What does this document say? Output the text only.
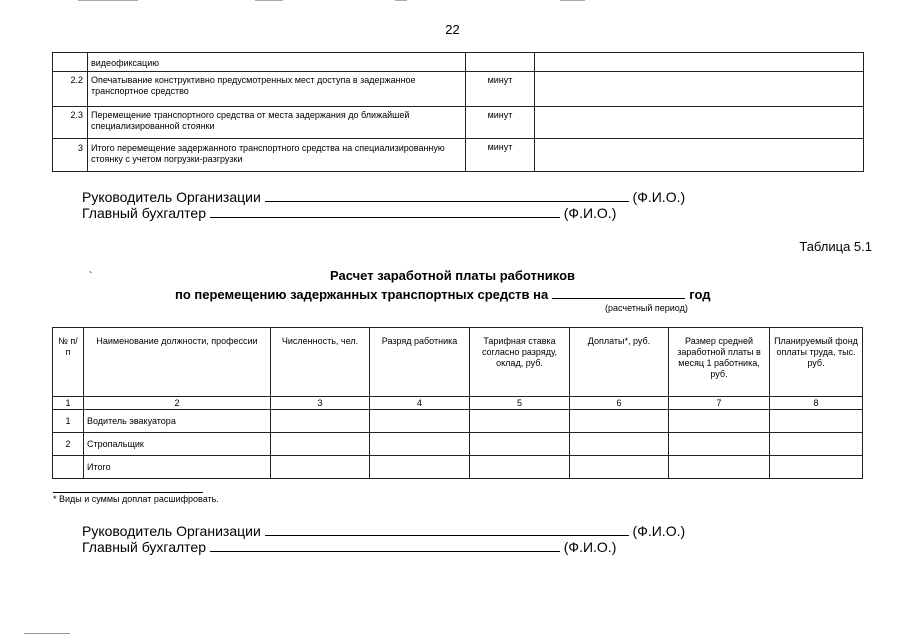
22
	видеофиксацию		
2.2	Опечатывание конструктивно предусмотренных мест доступа в задержанное транспортное средство	минут	
2.3	Перемещение транспортного средства от места задержания до ближайшей специализированной стоянки	минут	
3	Итого перемещение задержанного транспортного средства на специализированную стоянку с учетом погрузки-разгрузки	минут	
Руководитель Организации	(Ф.И.О.)
Главный бухгалтер	(Ф.И.О.)
Таблица 5.1
ˎ	Расчет заработной платы работников
по перемещению задержанных транспортных средств на	год
(расчетный период)
№ п/п	Наименование должности, профессии	Численность, чел.	Разряд работника	Тарифная ставка согласно разряду, оклад, руб.	Доплаты*, руб.	Размер средней заработной платы в месяц 1 работника, руб.	Планируемый фонд оплаты труда, тыс. руб.
1	2	3	4	5	6	7	8
1	Водитель эвакуатора						
2	Стропальщик						
	Итого						
* Виды и суммы доплат расшифровать.
Руководитель Организации	(Ф.И.О.)
Главный бухгалтер	(Ф.И.О.)
